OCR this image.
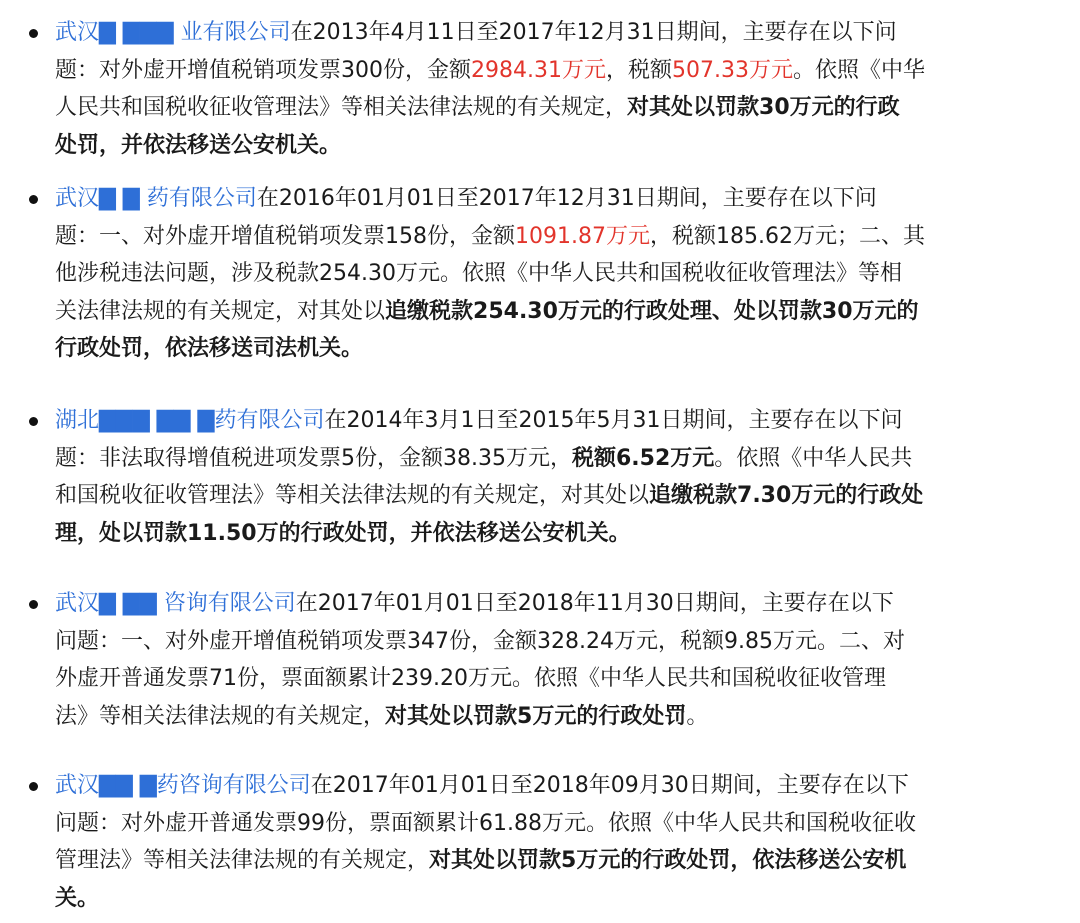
武汉▇ ▇▇▇ 业有限公司在2013年4月11日至2017年12月31日期间，主要存在以下问
题：对外虚开增值税销项发票300份，金额2984.31万元，税额507.33万元。依照《中华
人民共和国税收征收管理法》等相关法律法规的有关规定，对其处以罚款30万元的行政
处罚，并依法移送公安机关。
武汉▇ ▇ 药有限公司在2016年01月01日至2017年12月31日期间，主要存在以下问
题：一、对外虚开增值税销项发票158份，金额1091.87万元，税额185.62万元；二、其
他涉税违法问题，涉及税款254.30万元。依照《中华人民共和国税收征收管理法》等相
关法律法规的有关规定，对其处以追缴税款254.30万元的行政处理、处以罚款30万元的
行政处罚，依法移送司法机关。
湖北▇▇▇ ▇▇ ▇药有限公司在2014年3月1日至2015年5月31日期间，主要存在以下问
题：非法取得增值税进项发票5份，金额38.35万元，税额6.52万元。依照《中华人民共
和国税收征收管理法》等相关法律法规的有关规定，对其处以追缴税款7.30万元的行政处
理，处以罚款11.50万的行政处罚，并依法移送公安机关。
武汉▇ ▇▇ 咨询有限公司在2017年01月01日至2018年11月30日期间，主要存在以下
问题：一、对外虚开增值税销项发票347份，金额328.24万元，税额9.85万元。二、对
外虚开普通发票71份，票面额累计239.20万元。依照《中华人民共和国税收征收管理
法》等相关法律法规的有关规定，对其处以罚款5万元的行政处罚。
武汉▇▇ ▇药咨询有限公司在2017年01月01日至2018年09月30日期间，主要存在以下
问题：对外虚开普通发票99份，票面额累计61.88万元。依照《中华人民共和国税收征收
管理法》等相关法律法规的有关规定，对其处以罚款5万元的行政处罚，依法移送公安机
关。
